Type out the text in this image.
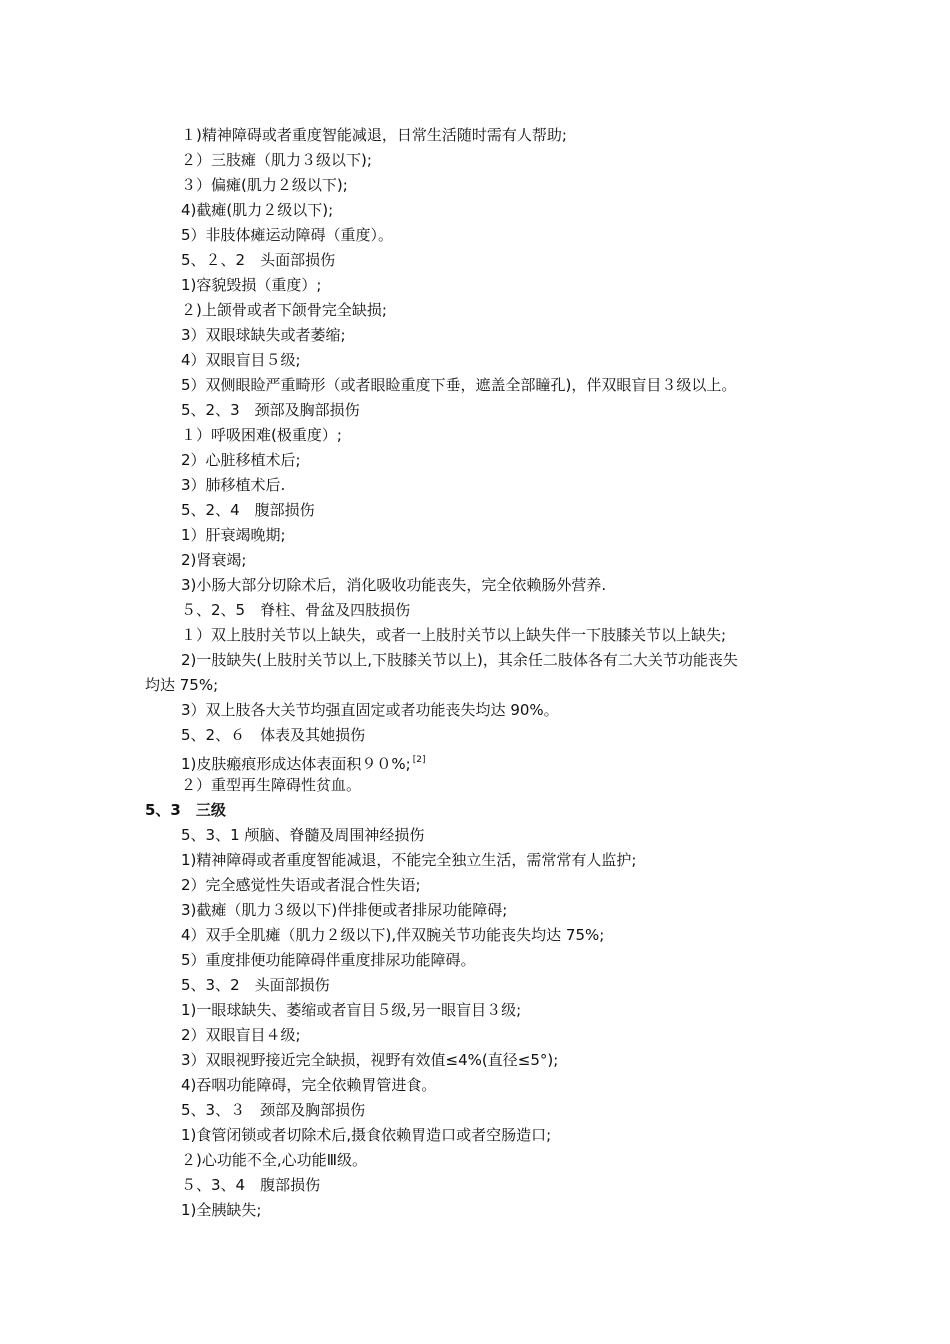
１)精神障碍或者重度智能减退，日常生活随时需有人帮助;
２）三肢瘫（肌力３级以下);
３）偏瘫(肌力２级以下);
4)截瘫(肌力２级以下);
5）非肢体瘫运动障碍（重度）。
5、２、2　头面部损伤
1)容貌毁损（重度）;
２)上颌骨或者下颌骨完全缺损;
3）双眼球缺失或者萎缩;
4）双眼盲目５级;
5）双侧眼睑严重畸形（或者眼睑重度下垂，遮盖全部瞳孔)，伴双眼盲目３级以上。
5、2、3　颈部及胸部损伤
１）呼吸困难(极重度）;
2）心脏移植术后;
3）肺移植术后.
5、2、4　腹部损伤
1）肝衰竭晚期;
2)肾衰竭;
3)小肠大部分切除术后，消化吸收功能丧失，完全依赖肠外营养.
５、2、5　脊柱、骨盆及四肢损伤
１）双上肢肘关节以上缺失，或者一上肢肘关节以上缺失伴一下肢膝关节以上缺失;
2)一肢缺失(上肢肘关节以上,下肢膝关节以上)，其余任二肢体各有二大关节功能丧失
均达 75%;
3）双上肢各大关节均强直固定或者功能丧失均达 90%。
5、2、６　体表及其她损伤
1)皮肤瘢痕形成达体表面积９０%; [2]
２）重型再生障碍性贫血。
5、3　三级
5、3、1 颅脑、脊髓及周围神经损伤
1)精神障碍或者重度智能减退，不能完全独立生活，需常常有人监护;
2）完全感觉性失语或者混合性失语;
3)截瘫（肌力３级以下)伴排便或者排尿功能障碍;
4）双手全肌瘫（肌力２级以下),伴双腕关节功能丧失均达 75%;
5）重度排便功能障碍伴重度排尿功能障碍。
5、3、2　头面部损伤
1)一眼球缺失、萎缩或者盲目５级,另一眼盲目３级;
2）双眼盲目４级;
3）双眼视野接近完全缺损，视野有效值≤4%(直径≤5°);
4)吞咽功能障碍，完全依赖胃管进食。
5、3、３　颈部及胸部损伤
1)食管闭锁或者切除术后,摄食依赖胃造口或者空肠造口;
２)心功能不全,心功能Ⅲ级。
５、3、4　腹部损伤
1)全胰缺失;
